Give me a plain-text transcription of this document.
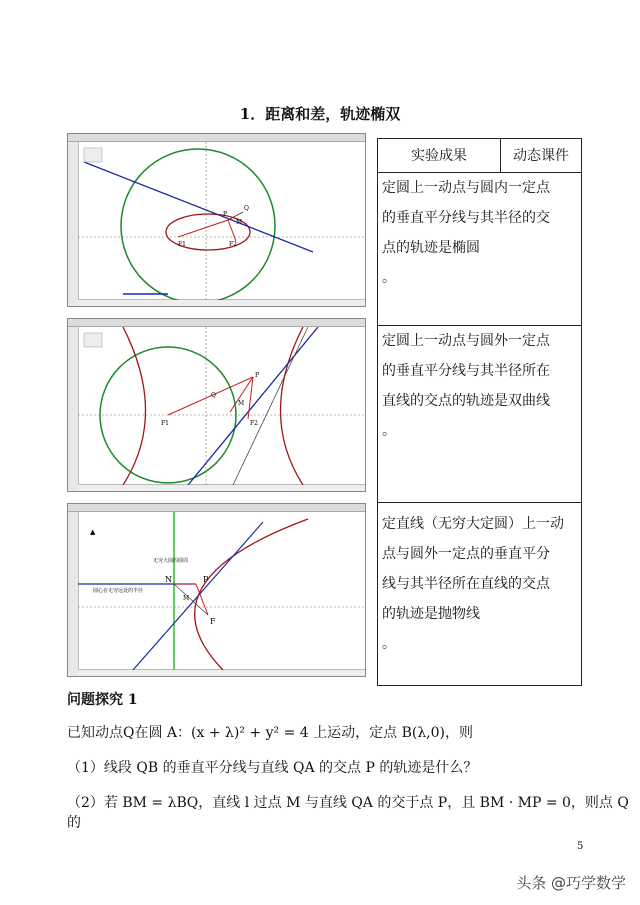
1．距离和差，轨迹椭双
P
Q
M
F1	F2
P
Q
M
F1	F2
P
N
M
F
无穷大圆的圆周
圆心在无穷远处的半径
▲
实验成果	动态课件

定圆上一动点与圆内一定点
的垂直平分线与其半径的交
点的轨迹是椭圆
。

定圆上一动点与圆外一定点
的垂直平分线与其半径所在
直线的交点的轨迹是双曲线
。

定直线（无穷大定圆）上一动
点与圆外一定点的垂直平分
线与其半径所在直线的交点
的轨迹是抛物线
。
问题探究 1
已知动点Q在圆 A：(x + λ)² + y² = 4 上运动，定点 B(λ,0)，则
（1）线段 QB 的垂直平分线与直线 QA 的交点 P 的轨迹是什么？
（2）若 BM = λBQ，直线 l 过点 M 与直线 QA 的交于点 P，且 BM · MP = 0，则点 Q 的
5
头条 @巧学数学
